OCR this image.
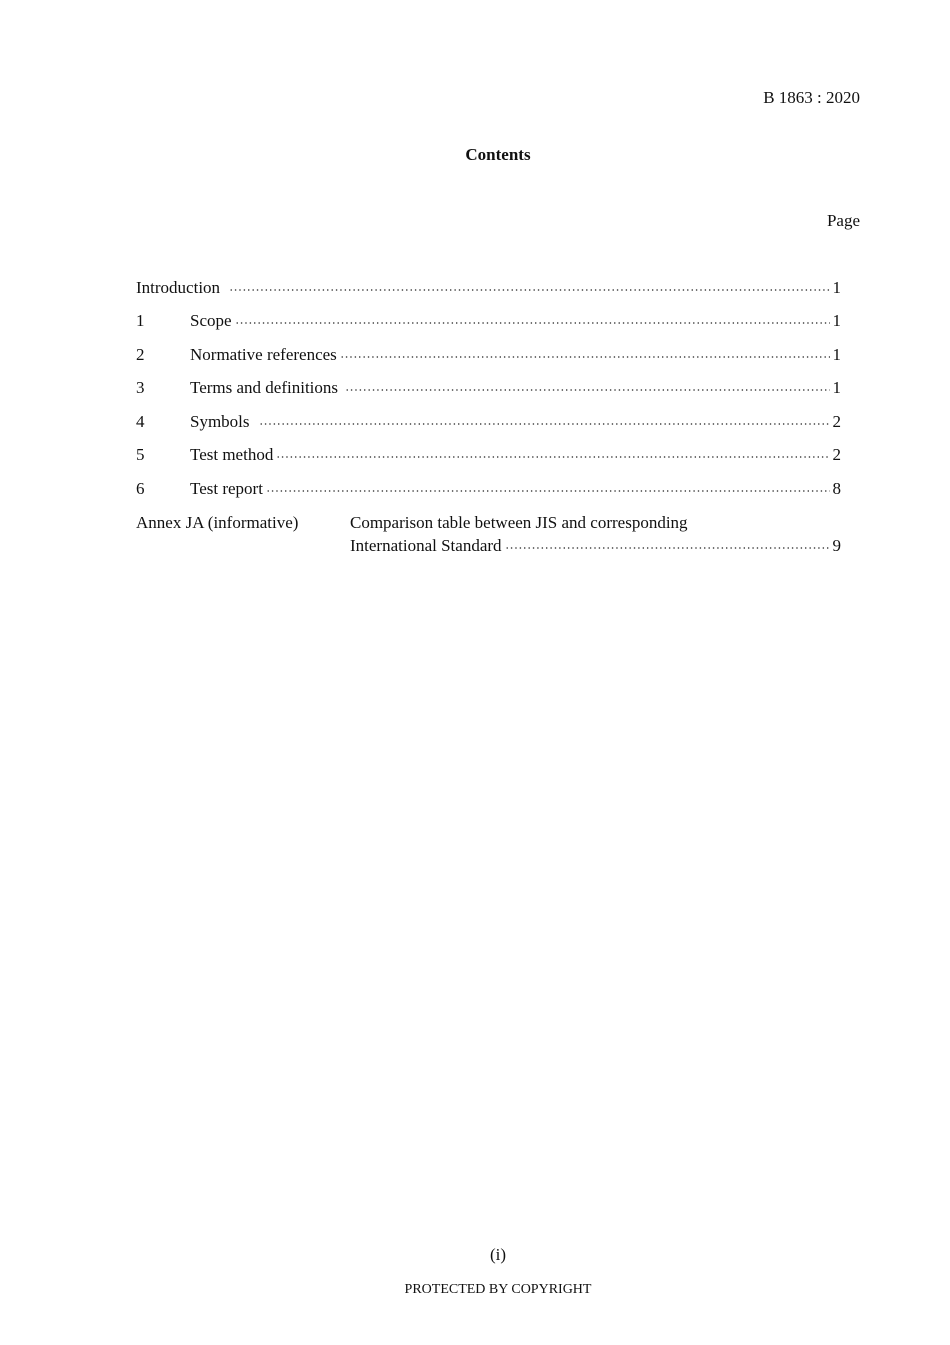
B 1863 : 2020
Contents
Page
Introduction	1
1	Scope	1
2	Normative references	1
3	Terms and definitions	1
4	Symbols	2
5	Test method	2
6	Test report	8
Annex JA (informative)	Comparison table between JIS and corresponding
International Standard	9
(i)
PROTECTED BY COPYRIGHT
